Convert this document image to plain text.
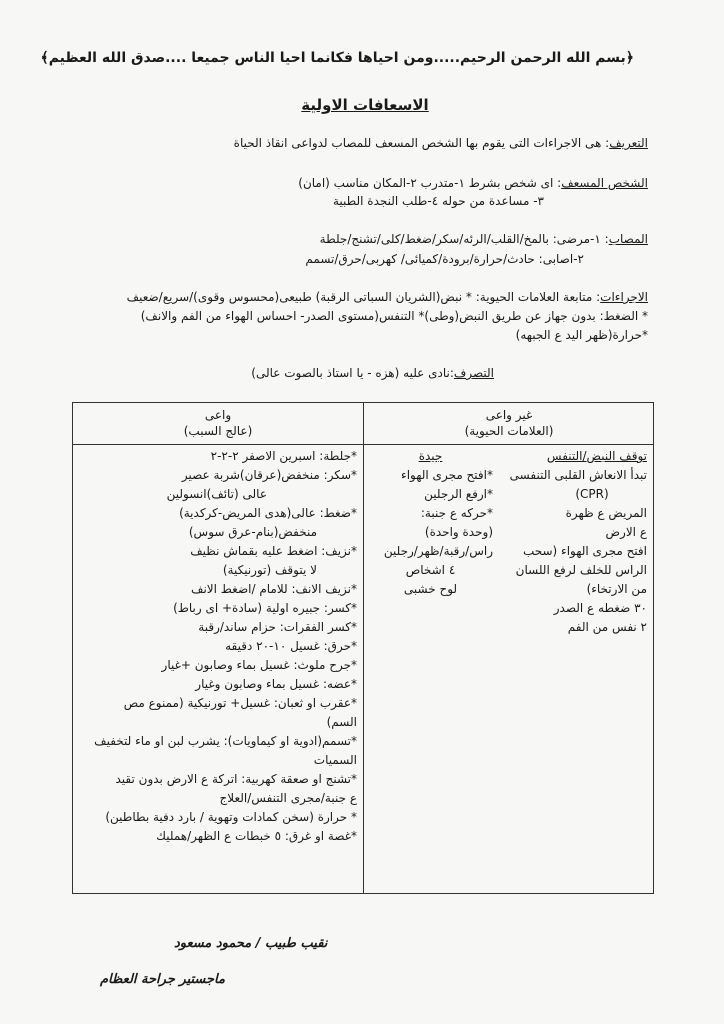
﴿بسم الله الرحمن الرحيم.....ومن احياها فكانما احيا الناس جميعا ....صدق الله العظيم﴾
الاسعافات الاولية
التعريف: هى الاجراءات التى يقوم بها الشخص المسعف للمصاب لدواعى انقاذ الحياة
الشخص المسعف: اى شخص بشرط ١-متدرب ٢-المكان مناسب (امان)
٣- مساعدة من حوله ٤-طلب النجدة الطبية
المصاب: ١-مرضى: بالمخ/القلب/الرئه/سكر/ضغط/كلى/تشنج/جلطة
٢-اصابى: حادث/حرارة/برودة/كميائى/ كهربى/حرق/تسمم
الاجراءات: متابعة العلامات الحيوية: * نبض(الشريان السباتى الرقبة) طبيعى(محسوس وقوى)/سريع/ضعيف
* الضغط: بدون جهاز عن طريق النبض(وطى)* التنفس(مستوى الصدر- احساس الهواء من الفم والانف)
*حرارة(ظهر اليد ع الجبهه)
التصرف:نادى عليه (هزه - يا استاذ بالصوت عالى)
غير واعى
(العلامات الحيوية)
واعى
(عالج السبب)
توقف النبض/التنفس
تبدأ الانعاش القلبى التنفسى
(CPR)
المريض ع ظهرة
ع الارض
افتح مجرى الهواء (سحب
الراس للخلف لرفع اللسان
من الارتخاء)
٣٠ ضغطه ع الصدر
٢ نفس من الفم
جيدة
*افتح مجرى الهواء
*ارفع الرجلين
*حركه ع جنبة:
(وحدة واحدة)
راس/رقبة/ظهر/رجلين
٤ اشخاص
لوح خشبى
*جلطة: اسبرين الاصفر ٢-٢-٢
*سكر: منخفض(عرقان)شربة عصير
عالى (تائف)انسولين
*ضغط: عالى(هدى المريض-كركدية)
منخفض(بنام-عرق سوس)
*نزيف: اضغط عليه بقماش نظيف
لا يتوقف (تورنيكية)
*نزيف الانف: للامام /اضغط الانف
*كسر: جبيره اولية (سادة+ اى رباط)
*كسر الفقرات: حزام ساند/رقبة
*حرق: غسيل ١٠-٢٠ دقيقه
*جرح ملوث: غسيل بماء وصابون +غيار
*عضه: غسيل بماء وصابون وغيار
*عقرب او ثعبان: غسيل+ تورنيكية (ممنوع مص
السم)
*تسمم(ادوية او كيماويات): يشرب لبن او ماء لتخفيف
السميات
*تشنج او صعقة كهربية: اتركة ع الارض بدون تقيد
ع جنبة/مجرى التنفس/العلاج
* حرارة (سخن كمادات وتهوية / بارد دفية بطاطين)
*غصة او غرق: ٥ خبطات ع الظهر/همليك
نقيب طبيب / محمود مسعود
ماجستير جراحة العظام
